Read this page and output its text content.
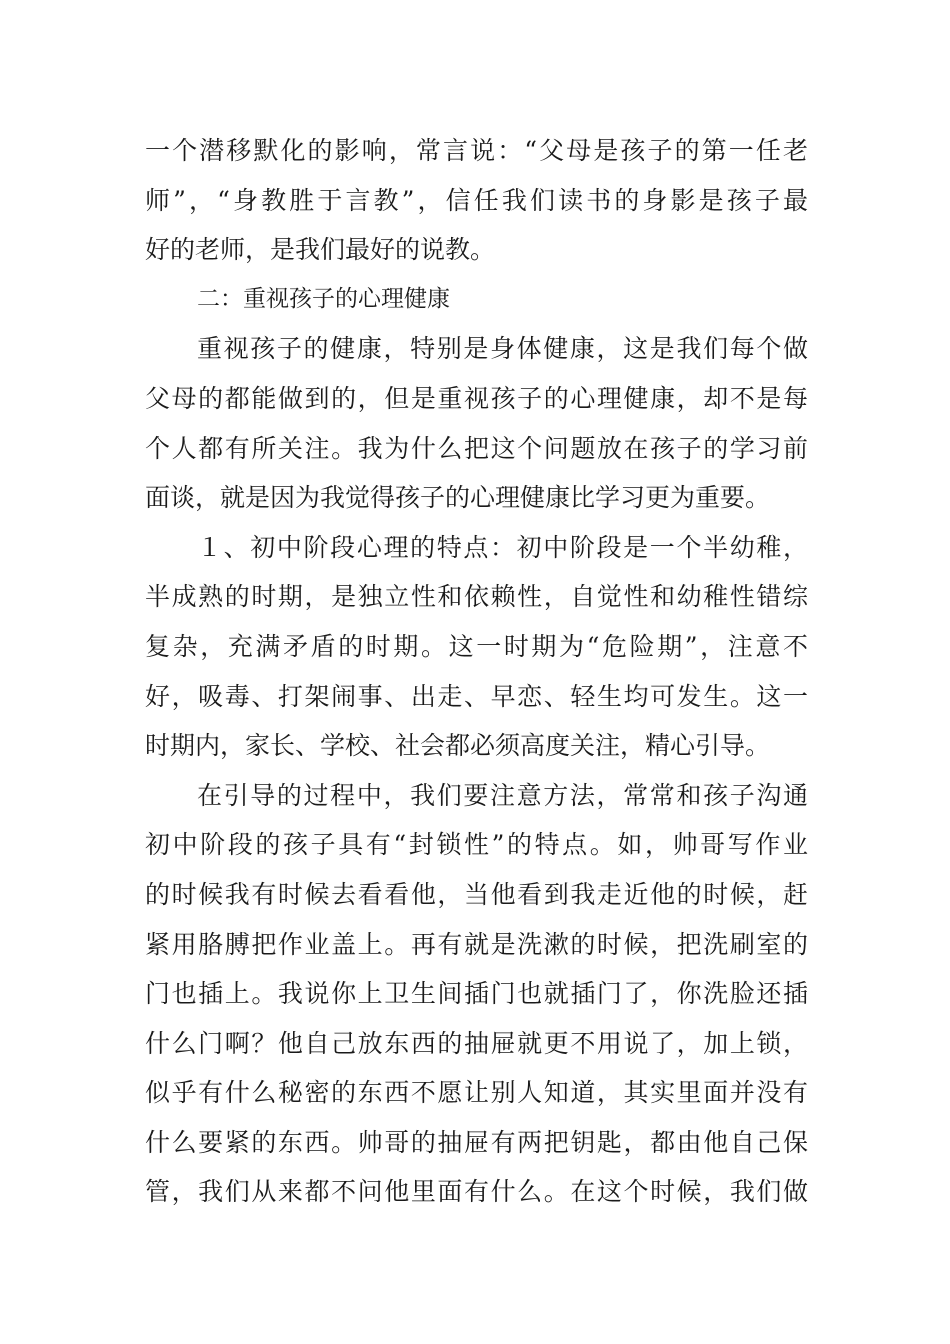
一个潜移默化的影响，常言说：“父母是孩子的第一任老
师”，“身教胜于言教”，信任我们读书的身影是孩子最
好的老师，是我们最好的说教。
二：重视孩子的心理健康
重视孩子的健康，特别是身体健康，这是我们每个做
父母的都能做到的，但是重视孩子的心理健康，却不是每
个人都有所关注。我为什么把这个问题放在孩子的学习前
面谈，就是因为我觉得孩子的心理健康比学习更为重要。
１、初中阶段心理的特点：初中阶段是一个半幼稚，
半成熟的时期，是独立性和依赖性，自觉性和幼稚性错综
复杂，充满矛盾的时期。这一时期为“危险期”，注意不
好，吸毒、打架闹事、出走、早恋、轻生均可发生。这一
时期内，家长、学校、社会都必须高度关注，精心引导。
在引导的过程中，我们要注意方法，常常和孩子沟通
初中阶段的孩子具有“封锁性”的特点。如，帅哥写作业
的时候我有时候去看看他，当他看到我走近他的时候，赶
紧用胳膊把作业盖上。再有就是洗漱的时候，把洗刷室的
门也插上。我说你上卫生间插门也就插门了，你洗脸还插
什么门啊？他自己放东西的抽屉就更不用说了，加上锁，
似乎有什么秘密的东西不愿让别人知道，其实里面并没有
什么要紧的东西。帅哥的抽屉有两把钥匙，都由他自己保
管，我们从来都不问他里面有什么。在这个时候，我们做
